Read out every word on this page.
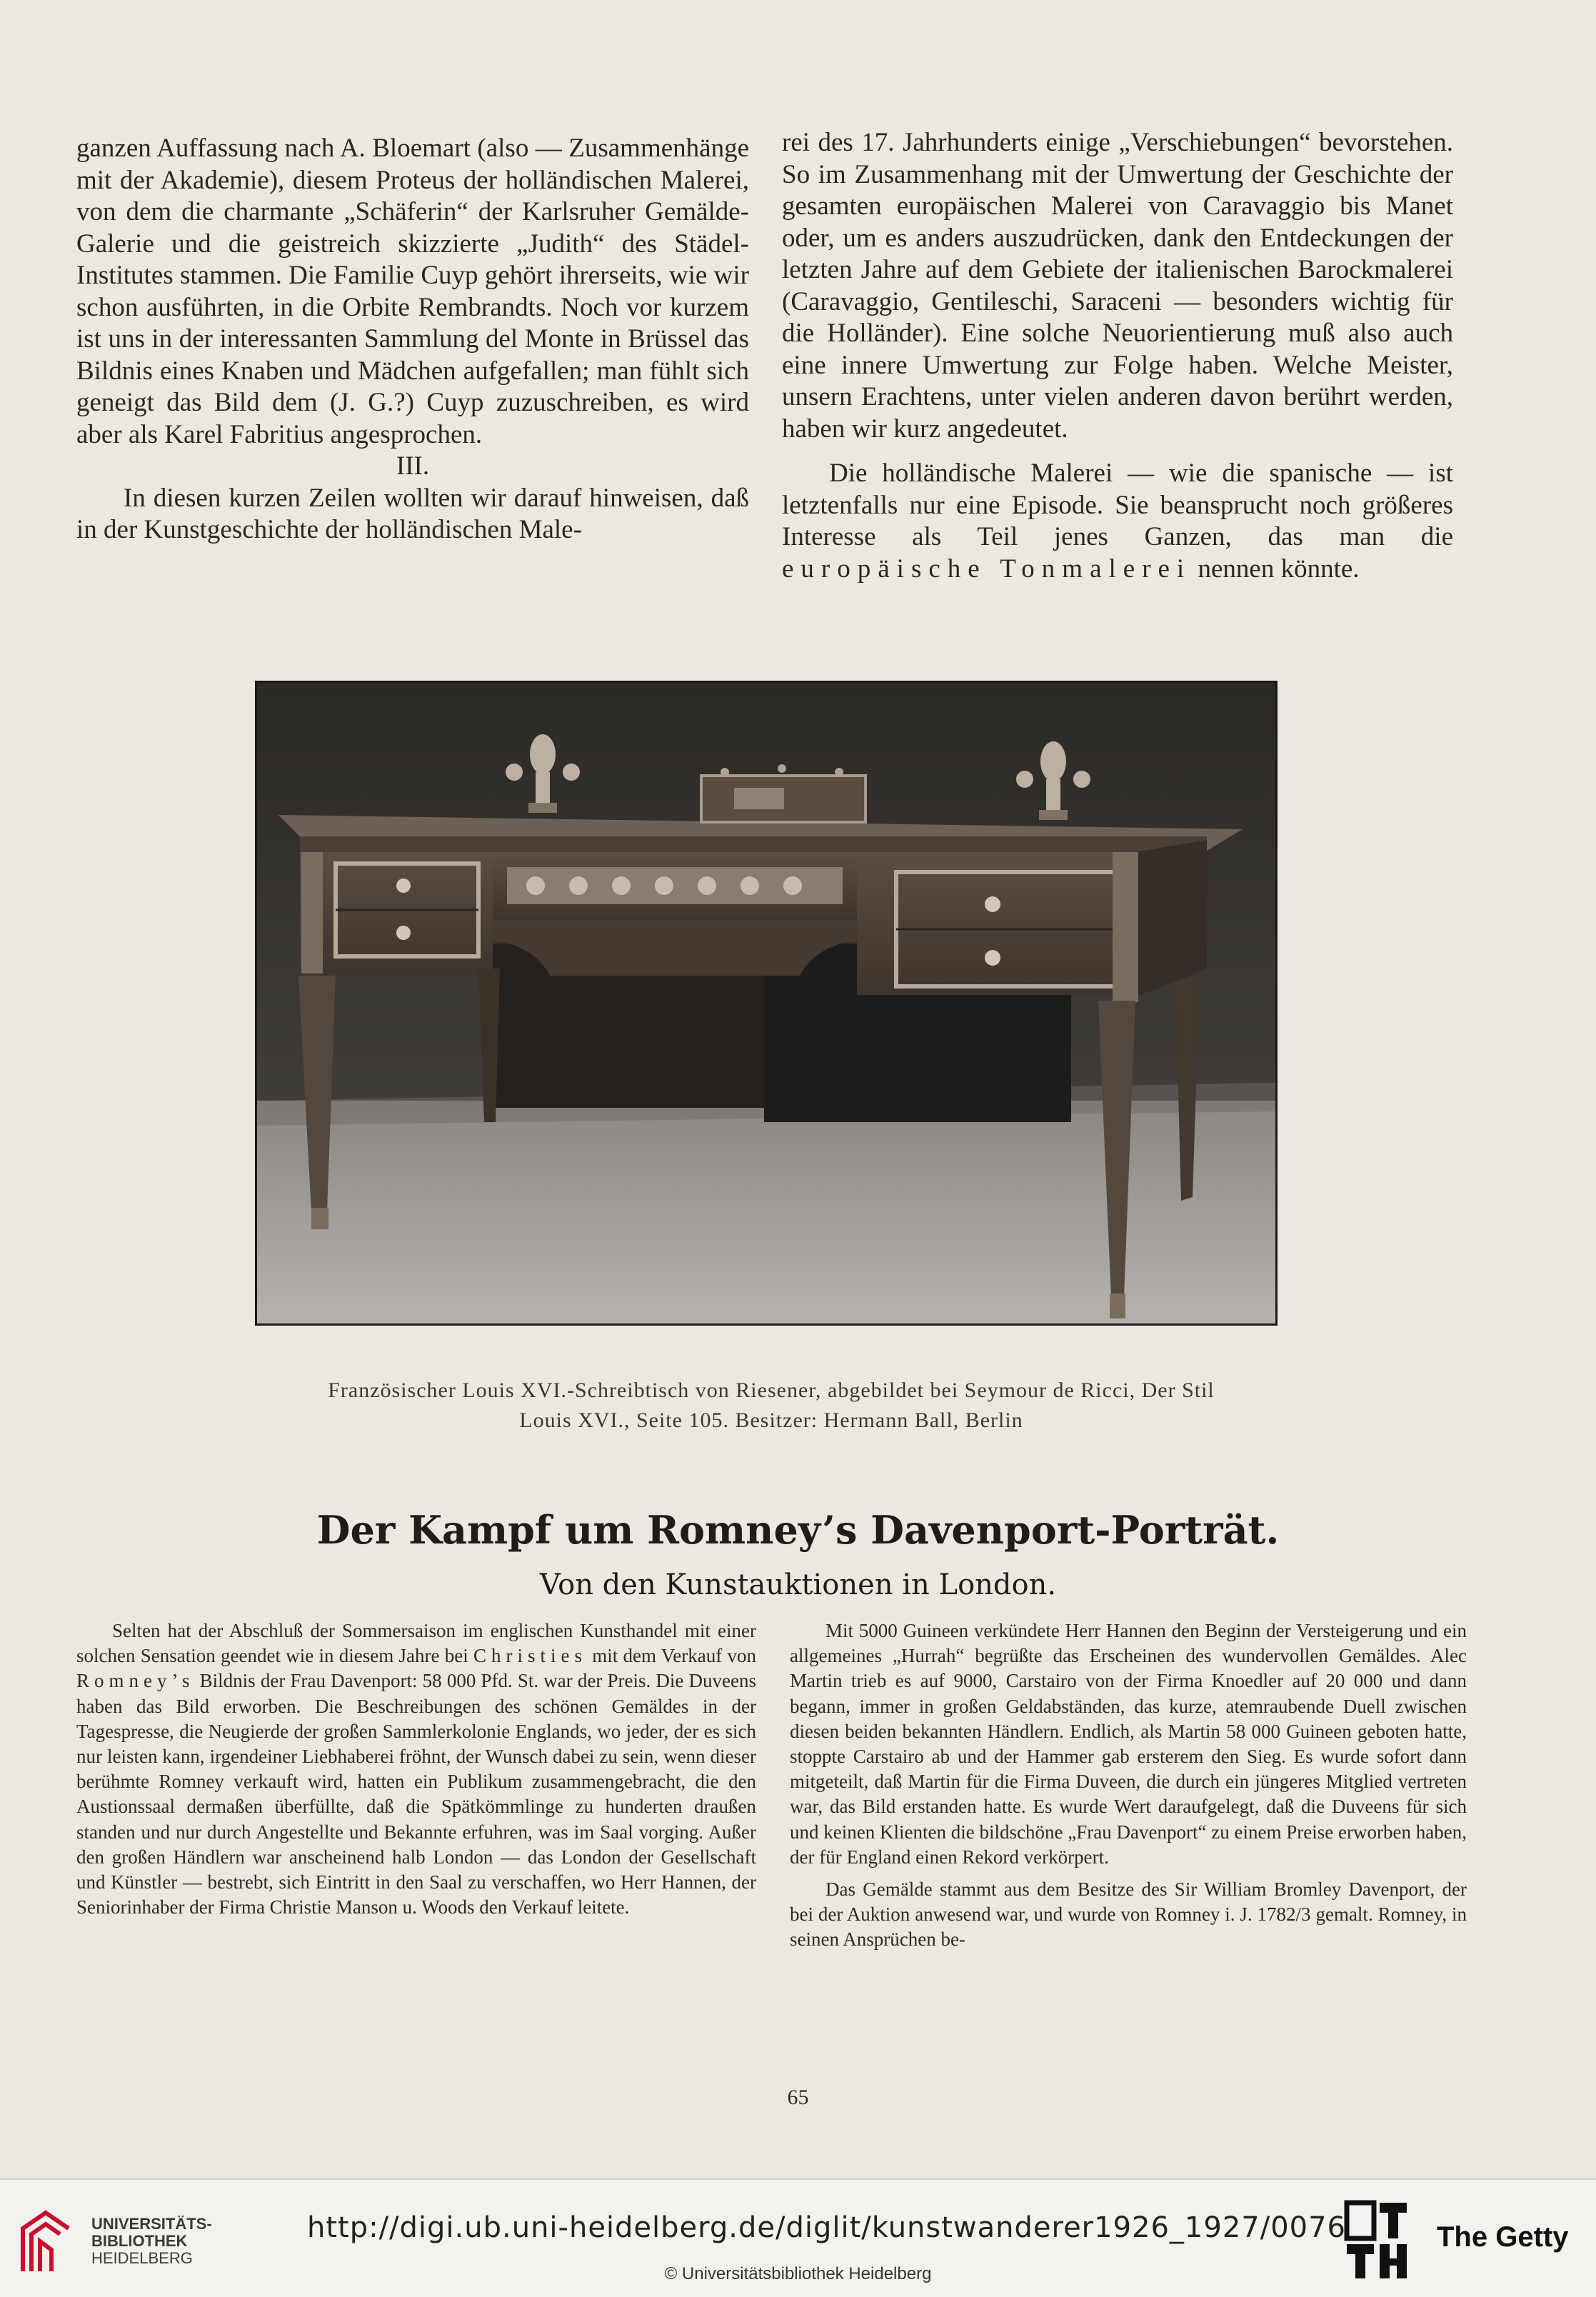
ganzen Auffassung nach A. Bloemart (also — Zusammenhänge mit der Akademie), diesem Proteus der holländischen Malerei, von dem die charmante „Schäferin“ der Karlsruher Gemälde-Galerie und die geistreich skizzierte „Judith“ des Städel-Institutes stammen. Die Familie Cuyp gehört ihrerseits, wie wir schon ausführten, in die Orbite Rembrandts. Noch vor kurzem ist uns in der interessanten Sammlung del Monte in Brüssel das Bildnis eines Knaben und Mädchen aufgefallen; man fühlt sich geneigt das Bild dem (J. G.?) Cuyp zuzuschreiben, es wird aber als Karel Fabritius angesprochen.

III.

In diesen kurzen Zeilen wollten wir darauf hinweisen, daß in der Kunstgeschichte der holländischen Male-

rei des 17. Jahrhunderts einige „Verschiebungen“ bevorstehen. So im Zusammenhang mit der Umwertung der Geschichte der gesamten europäischen Malerei von Caravaggio bis Manet oder, um es anders auszudrücken, dank den Entdeckungen der letzten Jahre auf dem Gebiete der italienischen Barockmalerei (Caravaggio, Gentileschi, Saraceni — besonders wichtig für die Holländer). Eine solche Neuorientierung muß also auch eine innere Umwertung zur Folge haben. Welche Meister, unsern Erachtens, unter vielen anderen davon berührt werden, haben wir kurz angedeutet.

Die holländische Malerei — wie die spanische — ist letztenfalls nur eine Episode. Sie beansprucht noch größeres Interesse als Teil jenes Ganzen, das man die europäische Tonmalerei nennen könnte.

Französischer Louis XVI.-Schreibtisch von Riesener, abgebildet bei Seymour de Ricci, Der Stil
Louis XVI., Seite 105. Besitzer: Hermann Ball, Berlin
Der Kampf um Romney’s Davenport-Porträt.
Von den Kunstauktionen in London.

Selten hat der Abschluß der Sommersaison im englischen Kunsthandel mit einer solchen Sensation geendet wie in diesem Jahre bei Christies mit dem Verkauf von Romney’s Bildnis der Frau Davenport: 58 000 Pfd. St. war der Preis. Die Duveens haben das Bild erworben. Die Beschreibungen des schönen Gemäldes in der Tagespresse, die Neugierde der großen Sammlerkolonie Englands, wo jeder, der es sich nur leisten kann, irgendeiner Liebhaberei fröhnt, der Wunsch dabei zu sein, wenn dieser berühmte Romney verkauft wird, hatten ein Publikum zusammengebracht, die den Austionssaal dermaßen überfüllte, daß die Spätkömmlinge zu hunderten draußen standen und nur durch Angestellte und Bekannte erfuhren, was im Saal vorging. Außer den großen Händlern war anscheinend halb London — das London der Gesellschaft und Künstler — bestrebt, sich Eintritt in den Saal zu verschaffen, wo Herr Hannen, der Seniorinhaber der Firma Christie Manson u. Woods den Verkauf leitete.

Mit 5000 Guineen verkündete Herr Hannen den Beginn der Versteigerung und ein allgemeines „Hurrah“ begrüßte das Erscheinen des wundervollen Gemäldes. Alec Martin trieb es auf 9000, Carstairo von der Firma Knoedler auf 20 000 und dann begann, immer in großen Geldabständen, das kurze, atemraubende Duell zwischen diesen beiden bekannten Händlern. Endlich, als Martin 58 000 Guineen geboten hatte, stoppte Carstairo ab und der Hammer gab ersterem den Sieg. Es wurde sofort dann mitgeteilt, daß Martin für die Firma Duveen, die durch ein jüngeres Mitglied vertreten war, das Bild erstanden hatte. Es wurde Wert daraufgelegt, daß die Duveens für sich und keinen Klienten die bildschöne „Frau Davenport“ zu einem Preise erworben haben, der für England einen Rekord verkörpert.

Das Gemälde stammt aus dem Besitze des Sir William Bromley Davenport, der bei der Auktion anwesend war, und wurde von Romney i. J. 1782/3 gemalt. Romney, in seinen Ansprüchen be-

65
UNIVERSITÄTS-
BIBLIOTHEK
HEIDELBERG
http://digi.ub.uni-heidelberg.de/diglit/kunstwanderer1926_1927/0076
© Universitätsbibliothek Heidelberg
The Getty
